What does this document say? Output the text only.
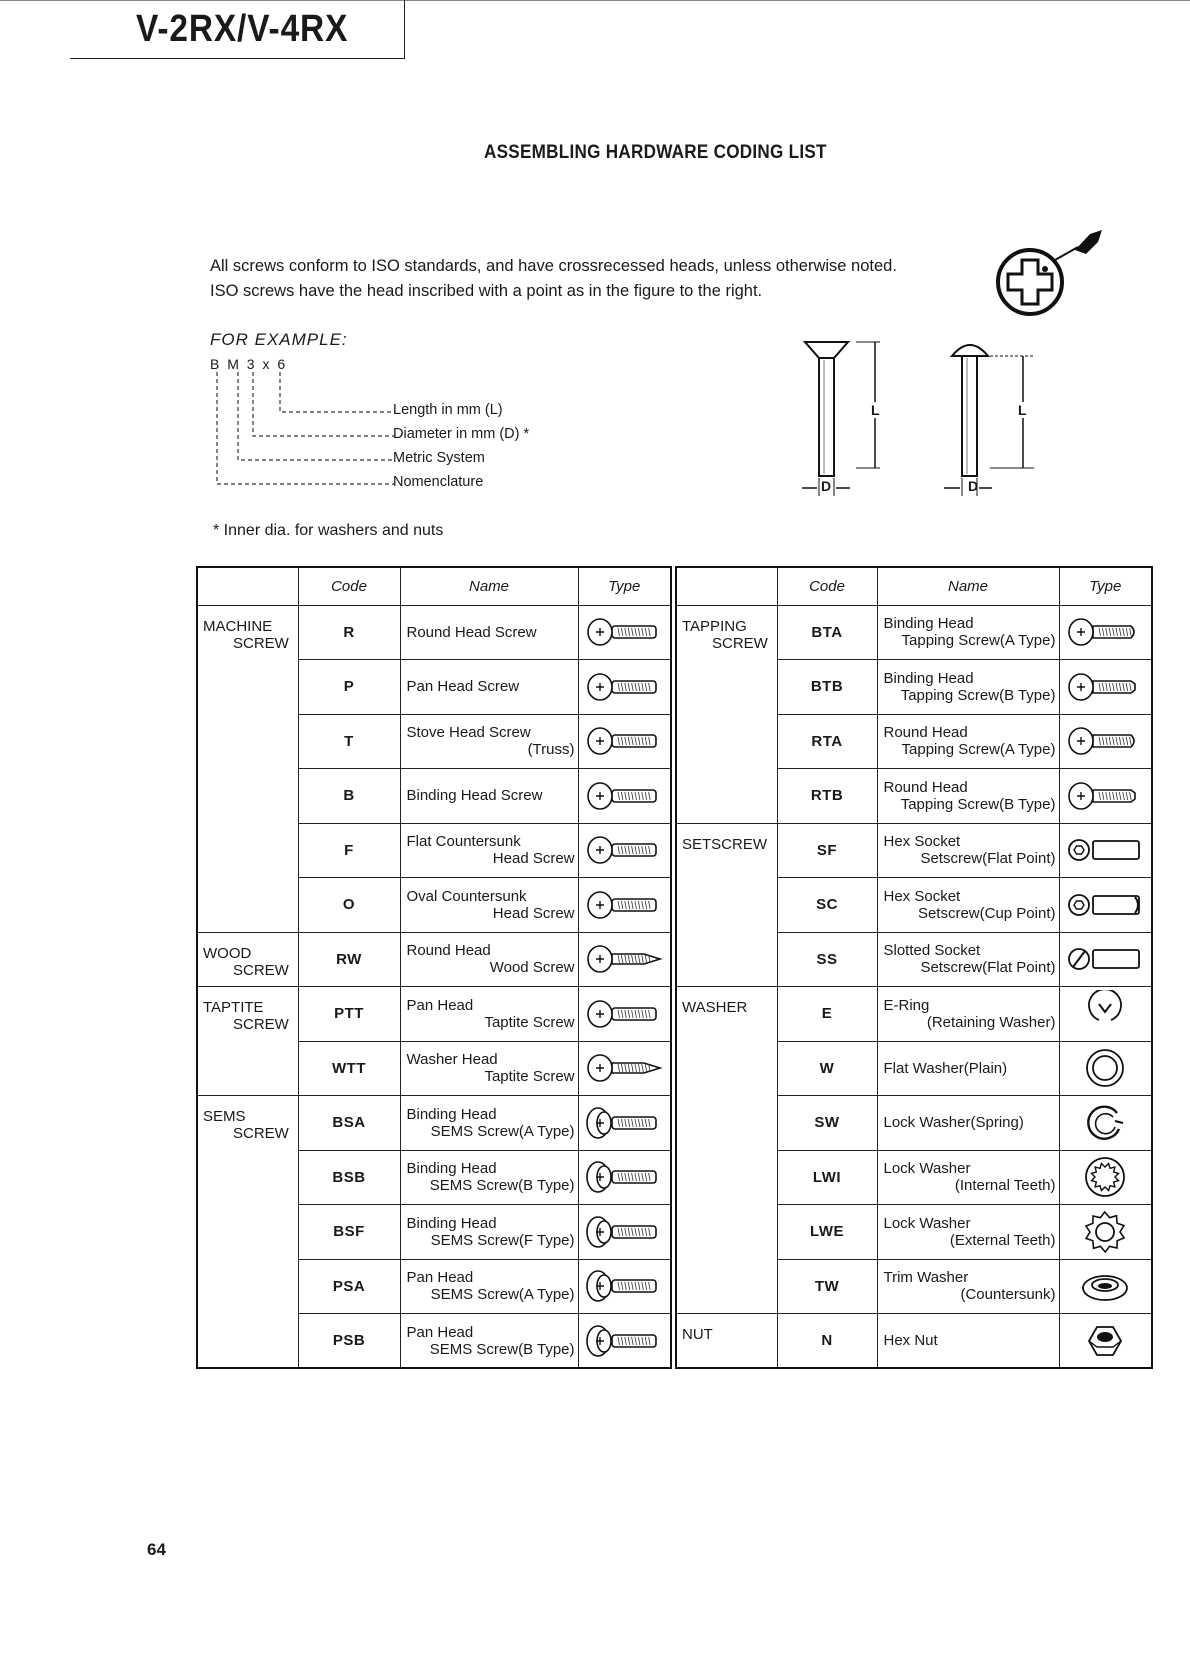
V-2RX/V-4RX
ASSEMBLING HARDWARE CODING LIST
All screws conform to ISO standards, and have crossrecessed heads, unless otherwise noted.
ISO screws have the head inscribed with a point as in the figure to the right.
FOR EXAMPLE:
B M 3 x 6
Length in mm (L)
Diameter in mm (D) *
Metric System
Nomenclature
L
D
L
D
* Inner dia. for washers and nuts
	Code	Name	Type

MACHINE
SCREW	R	Round Head Screw

	P	Pan Head Screw

	T	Stove Head Screw
(Truss)

	B	Binding Head Screw

	F	Flat Countersunk
Head Screw

	O	Oval Countersunk
Head Screw

WOOD
SCREW	RW	Round Head
Wood Screw

TAPTITE
SCREW	PTT	Pan Head
Taptite Screw

	WTT	Washer Head
Taptite Screw

SEMS
SCREW	BSA	Binding Head
SEMS Screw(A Type)

	BSB	Binding Head
SEMS Screw(B Type)

	BSF	Binding Head
SEMS Screw(F Type)

	PSA	Pan Head
SEMS Screw(A Type)

	PSB	Pan Head
SEMS Screw(B Type)

	Code	Name	Type

TAPPING
SCREW	BTA	Binding Head
Tapping Screw(A Type)

	BTB	Binding Head
Tapping Screw(B Type)

	RTA	Round Head
Tapping Screw(A Type)

	RTB	Round Head
Tapping Screw(B Type)

SETSCREW	SF	Hex Socket
Setscrew(Flat Point)

	SC	Hex Socket
Setscrew(Cup Point)

	SS	Slotted Socket
Setscrew(Flat Point)

WASHER	E	E-Ring
(Retaining Washer)

	W	Flat Washer(Plain)

	SW	Lock Washer(Spring)

	LWI	Lock Washer
(Internal Teeth)

	LWE	Lock Washer
(External Teeth)

	TW	Trim Washer
(Countersunk)

NUT	N	Hex Nut

64
